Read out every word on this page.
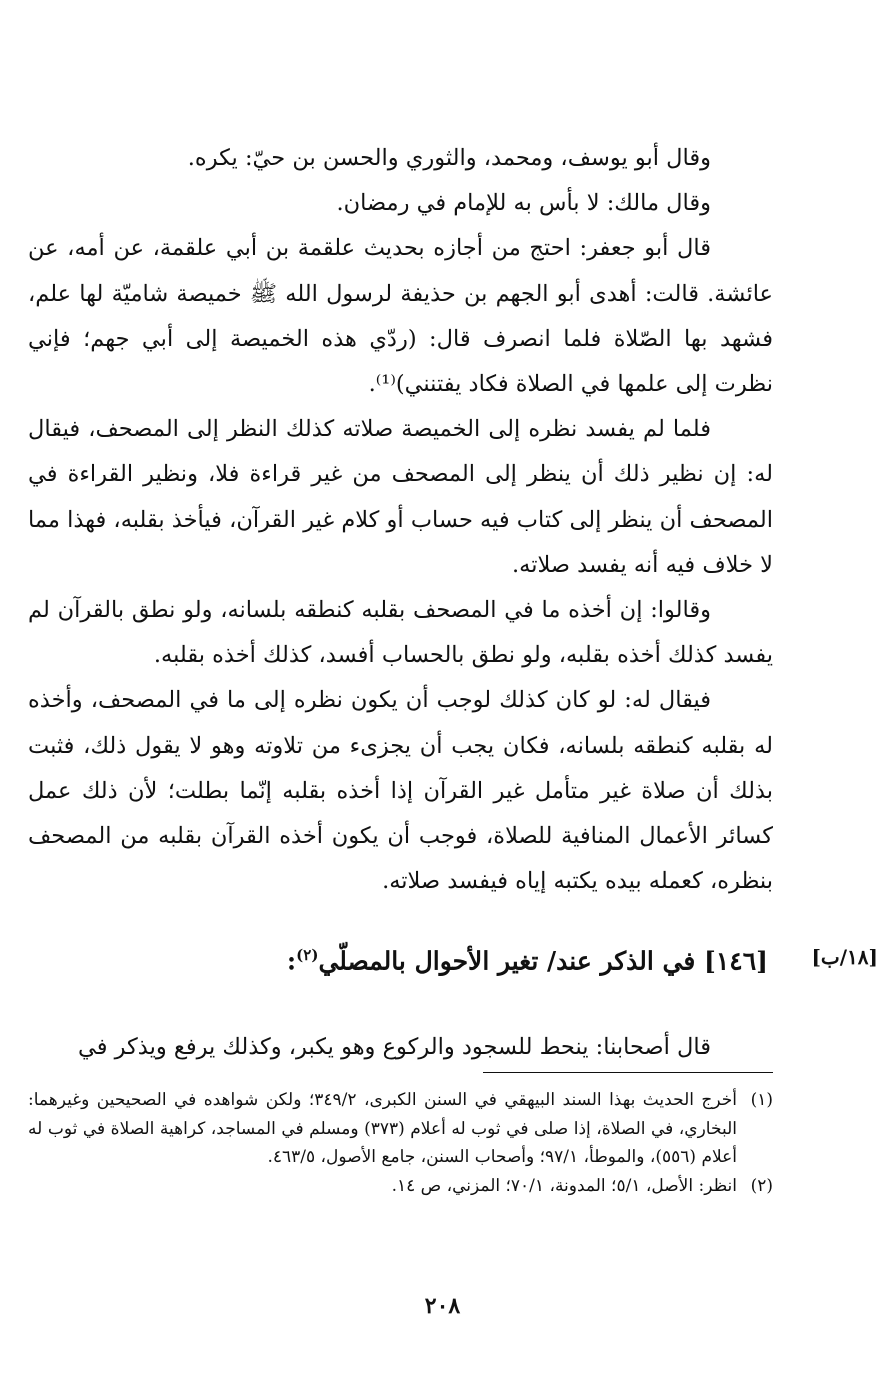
وقال أبو يوسف، ومحمد، والثوري والحسن بن حيّ: يكره.

وقال مالك: لا بأس به للإمام في رمضان.

قال أبو جعفر: احتج من أجازه بحديث علقمة بن أبي علقمة، عن أمه، عن عائشة. قالت: أهدى أبو الجهم بن حذيفة لرسول الله ﷺ خميصة شاميّة لها علم، فشهد بها الصّلاة فلما انصرف قال: (ردّي هذه الخميصة إلى أبي جهم؛ فإني نظرت إلى علمها في الصلاة فكاد يفتنني)⁽¹⁾.

فلما لم يفسد نظره إلى الخميصة صلاته كذلك النظر إلى المصحف، فيقال له: إن نظير ذلك أن ينظر إلى المصحف من غير قراءة فلا، ونظير القراءة في المصحف أن ينظر إلى كتاب فيه حساب أو كلام غير القرآن، فيأخذ بقلبه، فهذا مما لا خلاف فيه أنه يفسد صلاته.

وقالوا: إن أخذه ما في المصحف بقلبه كنطقه بلسانه، ولو نطق بالقرآن لم يفسد كذلك أخذه بقلبه، ولو نطق بالحساب أفسد، كذلك أخذه بقلبه.

فيقال له: لو كان كذلك لوجب أن يكون نظره إلى ما في المصحف، وأخذه له بقلبه كنطقه بلسانه، فكان يجب أن يجزىء من تلاوته وهو لا يقول ذلك، فثبت بذلك أن صلاة غير متأمل غير القرآن إذا أخذه بقلبه إنّما بطلت؛ لأن ذلك عمل كسائر الأعمال المنافية للصلاة، فوجب أن يكون أخذه القرآن بقلبه من المصحف بنظره، كعمله بيده يكتبه إياه فيفسد صلاته.

[١٨/ب]
[١٤٦] في الذكر عند/ تغير الأحوال بالمصلّي$^{(٢)}$:

قال أصحابنا: ينحط للسجود والركوع وهو يكبر، وكذلك يرفع ويذكر في

(١)
أخرج الحديث بهذا السند البيهقي في السنن الكبرى، ٣٤٩/٢؛ ولكن شواهده في الصحيحين وغيرهما: البخاري، في الصلاة، إذا صلى في ثوب له أعلام (٣٧٣) ومسلم في المساجد، كراهية الصلاة في ثوب له أعلام (٥٥٦)، والموطأ، ٩٧/١؛ وأصحاب السنن، جامع الأصول، ٤٦٣/٥.
(٢)
انظر: الأصل، ٥/١؛ المدونة، ٧٠/١؛ المزني، ص ١٤.
٢٠٨
